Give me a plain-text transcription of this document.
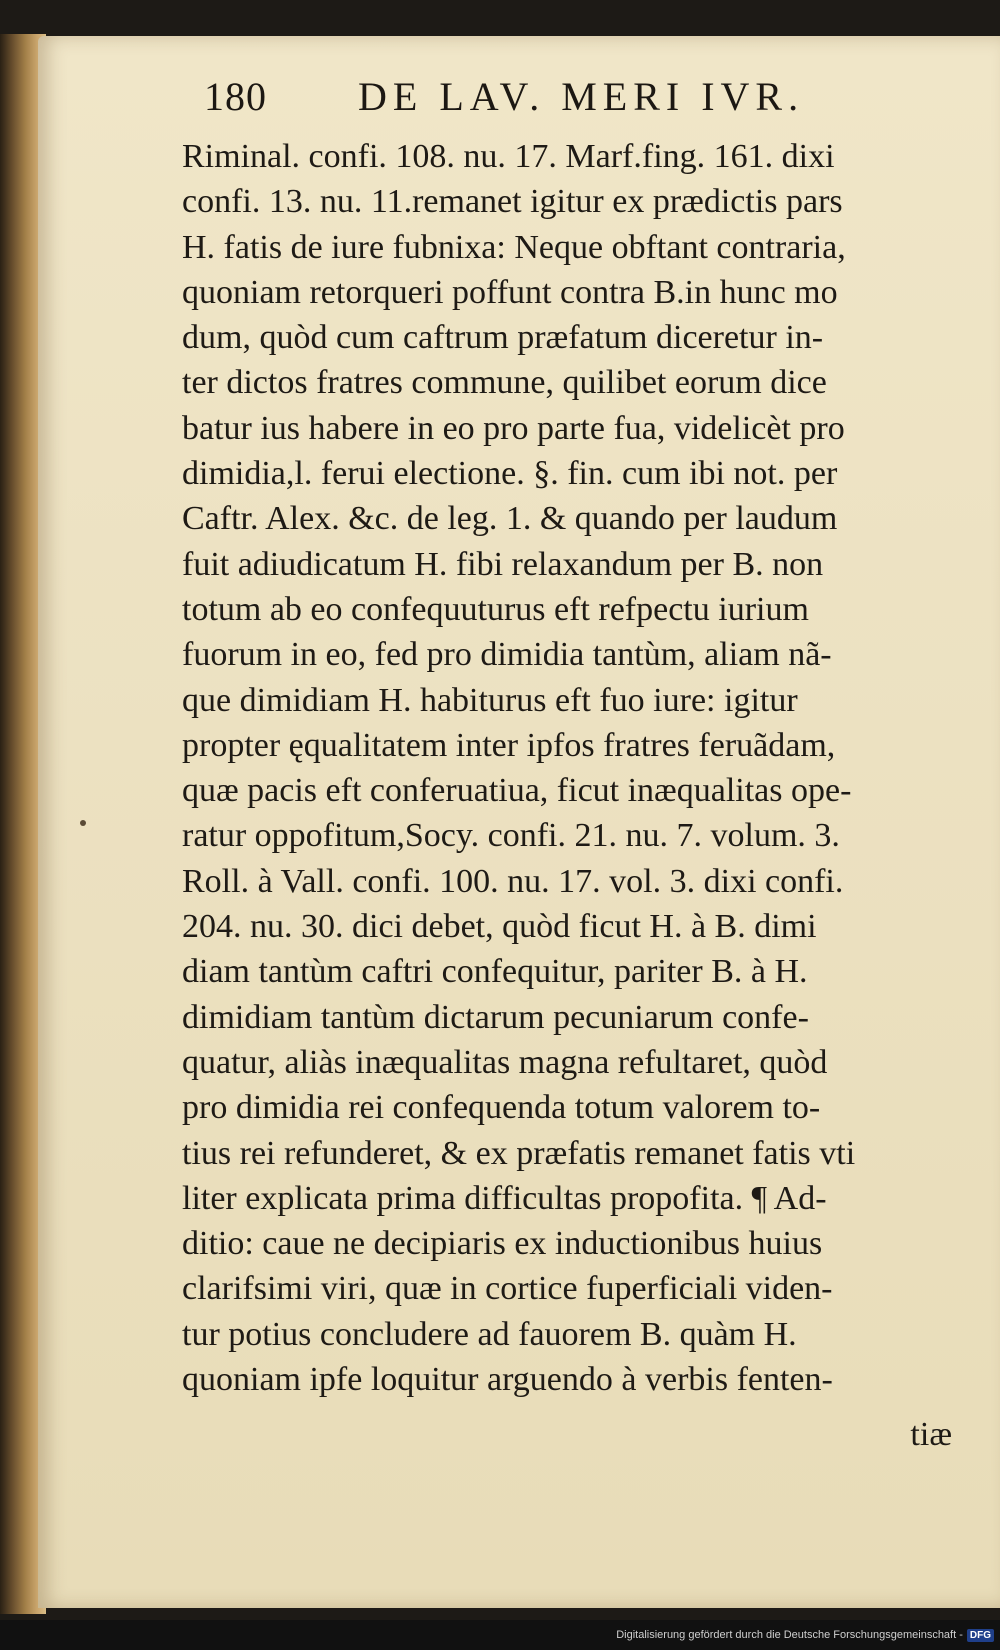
180 DE LAV. MERI IVR.
Riminal. confi. 108. nu. 17. Marf.fing. 161. dixi
confi. 13. nu. 11.remanet igitur ex prædictis pars
H. fatis de iure fubnixa: Neque obftant contraria,
quoniam retorqueri poffunt contra B.in hunc mo
dum, quòd cum caftrum præfatum diceretur in-
ter dictos fratres commune, quilibet eorum dice
batur ius habere in eo pro parte fua, videlicèt pro
dimidia,l. ferui electione. §. fin. cum ibi not. per
Caftr. Alex. &c. de leg. 1. & quando per laudum
fuit adiudicatum H. fibi relaxandum per B. non
totum ab eo confequuturus eft refpectu iurium
fuorum in eo, fed pro dimidia tantùm, aliam nã-
que dimidiam H. habiturus eft fuo iure: igitur
propter ęqualitatem inter ipfos fratres feruãdam,
quæ pacis eft conferuatiua, ficut inæqualitas ope-
ratur oppofitum,Socy. confi. 21. nu. 7. volum. 3.
Roll. à Vall. confi. 100. nu. 17. vol. 3. dixi confi.
204. nu. 30. dici debet, quòd ficut H. à B. dimi
diam tantùm caftri confequitur, pariter B. à H.
dimidiam tantùm dictarum pecuniarum confe-
quatur, aliàs inæqualitas magna refultaret, quòd
pro dimidia rei confequenda totum valorem to-
tius rei refunderet, & ex præfatis remanet fatis vti
liter explicata prima difficultas propofita. ¶ Ad-
ditio: caue ne decipiaris ex inductionibus huius
clarifsimi viri, quæ in cortice fuperficiali viden-
tur potius concludere ad fauorem B. quàm H.
quoniam ipfe loquitur arguendo à verbis fenten-
tiæ
Digitalisierung gefördert durch die Deutsche Forschungsgemeinschaft - DFG
